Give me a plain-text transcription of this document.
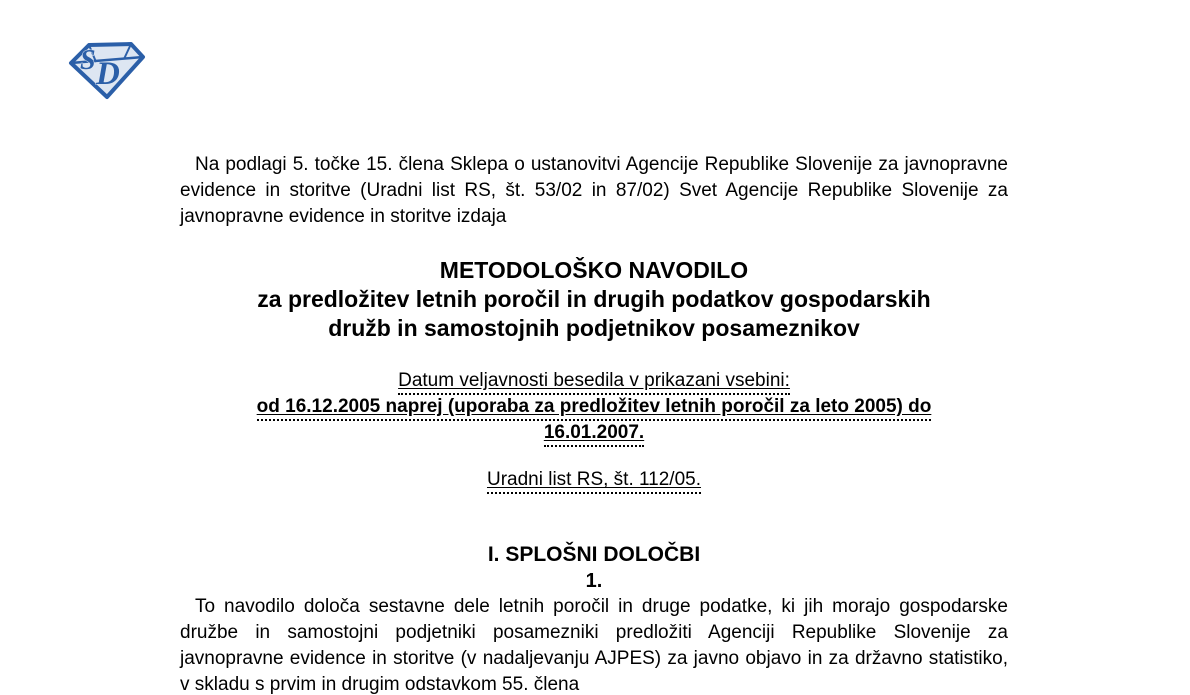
S D

Na podlagi 5. točke 15. člena Sklepa o ustanovitvi Agencije Republike Slovenije za javnopravne evidence in storitve (Uradni list RS, št. 53/02 in 87/02) Svet Agencije Republike Slovenije za javnopravne evidence in storitve izdaja

METODOLOŠKO NAVODILO
za predložitev letnih poročil in drugih podatkov gospodarskih
družb in samostojnih podjetnikov posameznikov
Datum veljavnosti besedila v prikazani vsebini:
od 16.12.2005 naprej (uporaba za predložitev letnih poročil za leto 2005) do
16.01.2007.
Uradni list RS, št. 112/05.
I. SPLOŠNI DOLOČBI
1.

To navodilo določa sestavne dele letnih poročil in druge podatke, ki jih morajo gospodarske družbe in samostojni podjetniki posamezniki predložiti Agenciji Republike Slovenije za javnopravne evidence in storitve (v nadaljevanju AJPES) za javno objavo in za državno statistiko, v skladu s prvim in drugim odstavkom 55. člena
